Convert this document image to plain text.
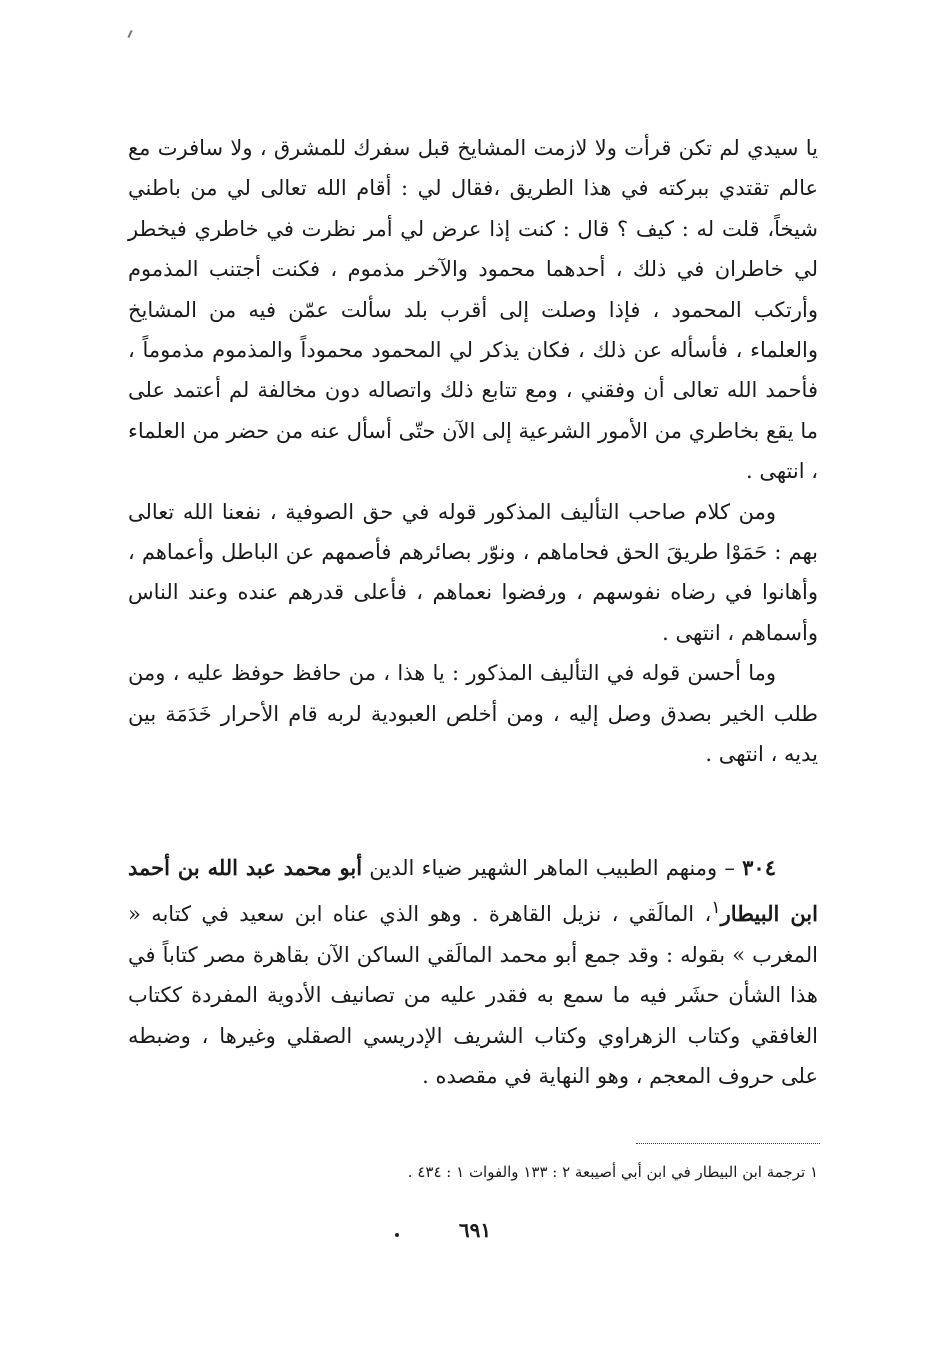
يا سيدي لم تكن قرأت ولا لازمت المشايخ قبل سفرك للمشرق ، ولا سافرت مع عالم تقتدي ببركته في هذا الطريق ،فقال لي : أقام الله تعالى لي من باطني شيخاً، قلت له : كيف ؟ قال : كنت إذا عرض لي أمر نظرت في خاطري فيخطر لي خاطران في ذلك ، أحدهما محمود والآخر مذموم ، فكنت أجتنب المذموم وأرتكب المحمود ، فإذا وصلت إلى أقرب بلد سألت عمّن فيه من المشايخ والعلماء ، فأسأله عن ذلك ، فكان يذكر لي المحمود محموداً والمذموم مذموماً ، فأحمد الله تعالى أن وفقني ، ومع تتابع ذلك واتصاله دون مخالفة لم أعتمد على ما يقع بخاطري من الأمور الشرعية إلى الآن حتّى أسأل عنه من حضر من العلماء ، انتهى .

ومن كلام صاحب التأليف المذكور قوله في حق الصوفية ، نفعنا الله تعالى بهم : حَمَوْا طريقَ الحق فحاماهم ، ونوّر بصائرهم فأصمهم عن الباطل وأعماهم ، وأهانوا في رضاه نفوسهم ، ورفضوا نعماهم ، فأعلى قدرهم عنده وعند الناس وأسماهم ، انتهى .

وما أحسن قوله في التأليف المذكور : يا هذا ، من حافظ حوفظ عليه ، ومن طلب الخير بصدق وصل إليه ، ومن أخلص العبودية لربه قام الأحرار خَدَمَة بين يديه ، انتهى .

٣٠٤ – ومنهم الطبيب الماهر الشهير ضياء الدين أبو محمد عبد الله بن أحمد ابن البيطار$^١$، المالَقي ، نزيل القاهرة . وهو الذي عناه ابن سعيد في كتابه « المغرب » بقوله : وقد جمع أبو محمد المالَقي الساكن الآن بقاهرة مصر كتاباً في هذا الشأن حشَر فيه ما سمع به فقدر عليه من تصانيف الأدوية المفردة ككتاب الغافقي وكتاب الزهراوي وكتاب الشريف الإدريسي الصقلي وغيرها ، وضبطه على حروف المعجم ، وهو النهاية في مقصده .

١ ترجمة ابن البيطار في ابن أبي أصيبعة ٢ : ١٣٣ والفوات ١ : ٤٣٤ .
٦٩١
